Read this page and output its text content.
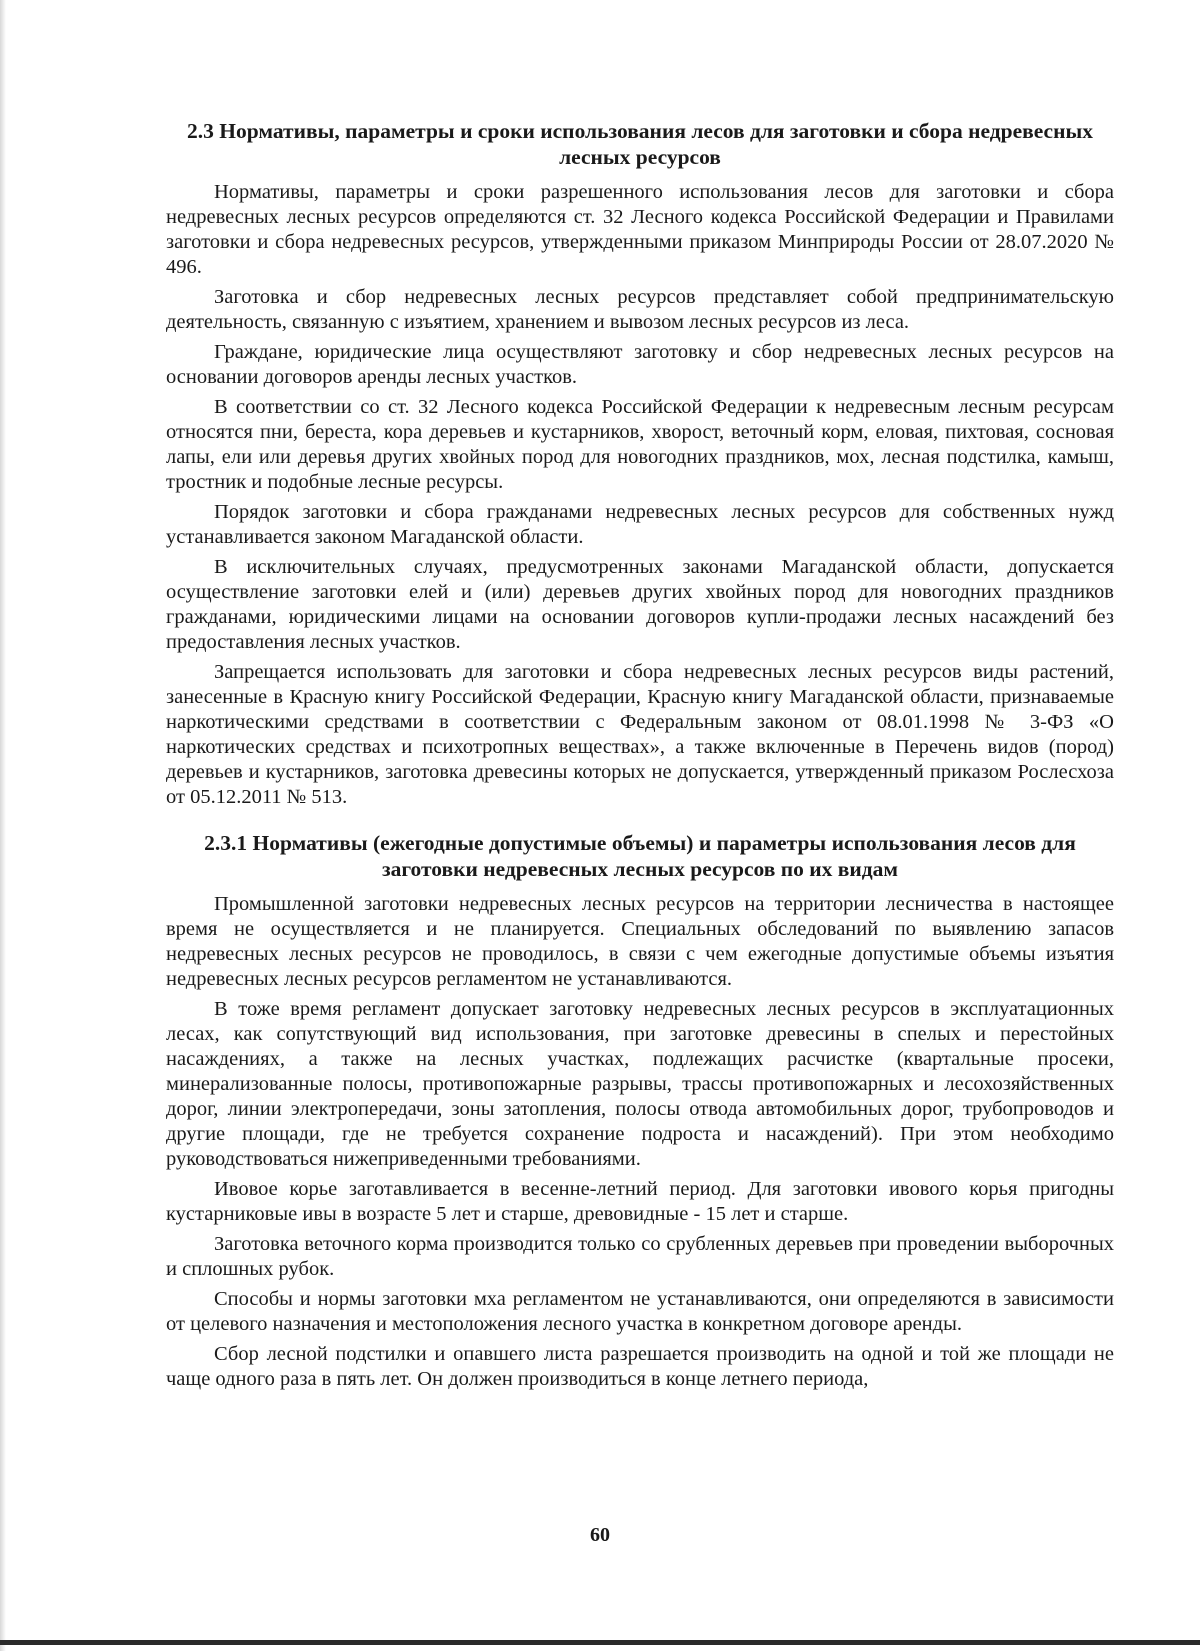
2.3 Нормативы, параметры и сроки использования лесов для заготовки и сбора недревесных лесных ресурсов

Нормативы, параметры и сроки разрешенного использования лесов для заготовки и сбора недревесных лесных ресурсов определяются ст. 32 Лесного кодекса Российской Федерации и Правилами заготовки и сбора недревесных ресурсов, утвержденными приказом Минприроды России от 28.07.2020 № 496.

Заготовка и сбор недревесных лесных ресурсов представляет собой предпринимательскую деятельность, связанную с изъятием, хранением и вывозом лесных ресурсов из леса.

Граждане, юридические лица осуществляют заготовку и сбор недревесных лесных ресурсов на основании договоров аренды лесных участков.

В соответствии со ст. 32 Лесного кодекса Российской Федерации к недревесным лесным ресурсам относятся пни, береста, кора деревьев и кустарников, хворост, веточный корм, еловая, пихтовая, сосновая лапы, ели или деревья других хвойных пород для новогодних праздников, мох, лесная подстилка, камыш, тростник и подобные лесные ресурсы.

Порядок заготовки и сбора гражданами недревесных лесных ресурсов для собственных нужд устанавливается законом Магаданской области.

В исключительных случаях, предусмотренных законами Магаданской области, допускается осуществление заготовки елей и (или) деревьев других хвойных пород для новогодних праздников гражданами, юридическими лицами на основании договоров купли-продажи лесных насаждений без предоставления лесных участков.

Запрещается использовать для заготовки и сбора недревесных лесных ресурсов виды растений, занесенные в Красную книгу Российской Федерации, Красную книгу Магаданской области, признаваемые наркотическими средствами в соответствии с Федеральным законом от 08.01.1998 № 3-ФЗ «О наркотических средствах и психотропных веществах», а также включенные в Перечень видов (пород) деревьев и кустарников, заготовка древесины которых не допускается, утвержденный приказом Рослесхоза от 05.12.2011 № 513.

2.3.1 Нормативы (ежегодные допустимые объемы) и параметры использования лесов для заготовки недревесных лесных ресурсов по их видам

Промышленной заготовки недревесных лесных ресурсов на территории лесничества в настоящее время не осуществляется и не планируется. Специальных обследований по выявлению запасов недревесных лесных ресурсов не проводилось, в связи с чем ежегодные допустимые объемы изъятия недревесных лесных ресурсов регламентом не устанавливаются.

В тоже время регламент допускает заготовку недревесных лесных ресурсов в эксплуатационных лесах, как сопутствующий вид использования, при заготовке древесины в спелых и перестойных насаждениях, а также на лесных участках, подлежащих расчистке (квартальные просеки, минерализованные полосы, противопожарные разрывы, трассы противопожарных и лесохозяйственных дорог, линии электропередачи, зоны затопления, полосы отвода автомобильных дорог, трубопроводов и другие площади, где не требуется сохранение подроста и насаждений). При этом необходимо руководствоваться нижеприведенными требованиями.

Ивовое корье заготавливается в весенне-летний период. Для заготовки ивового корья пригодны кустарниковые ивы в возрасте 5 лет и старше, древовидные - 15 лет и старше.

Заготовка веточного корма производится только со срубленных деревьев при проведении выборочных и сплошных рубок.

Способы и нормы заготовки мха регламентом не устанавливаются, они определяются в зависимости от целевого назначения и местоположения лесного участка в конкретном договоре аренды.

Сбор лесной подстилки и опавшего листа разрешается производить на одной и той же площади не чаще одного раза в пять лет. Он должен производиться в конце летнего периода,

60
